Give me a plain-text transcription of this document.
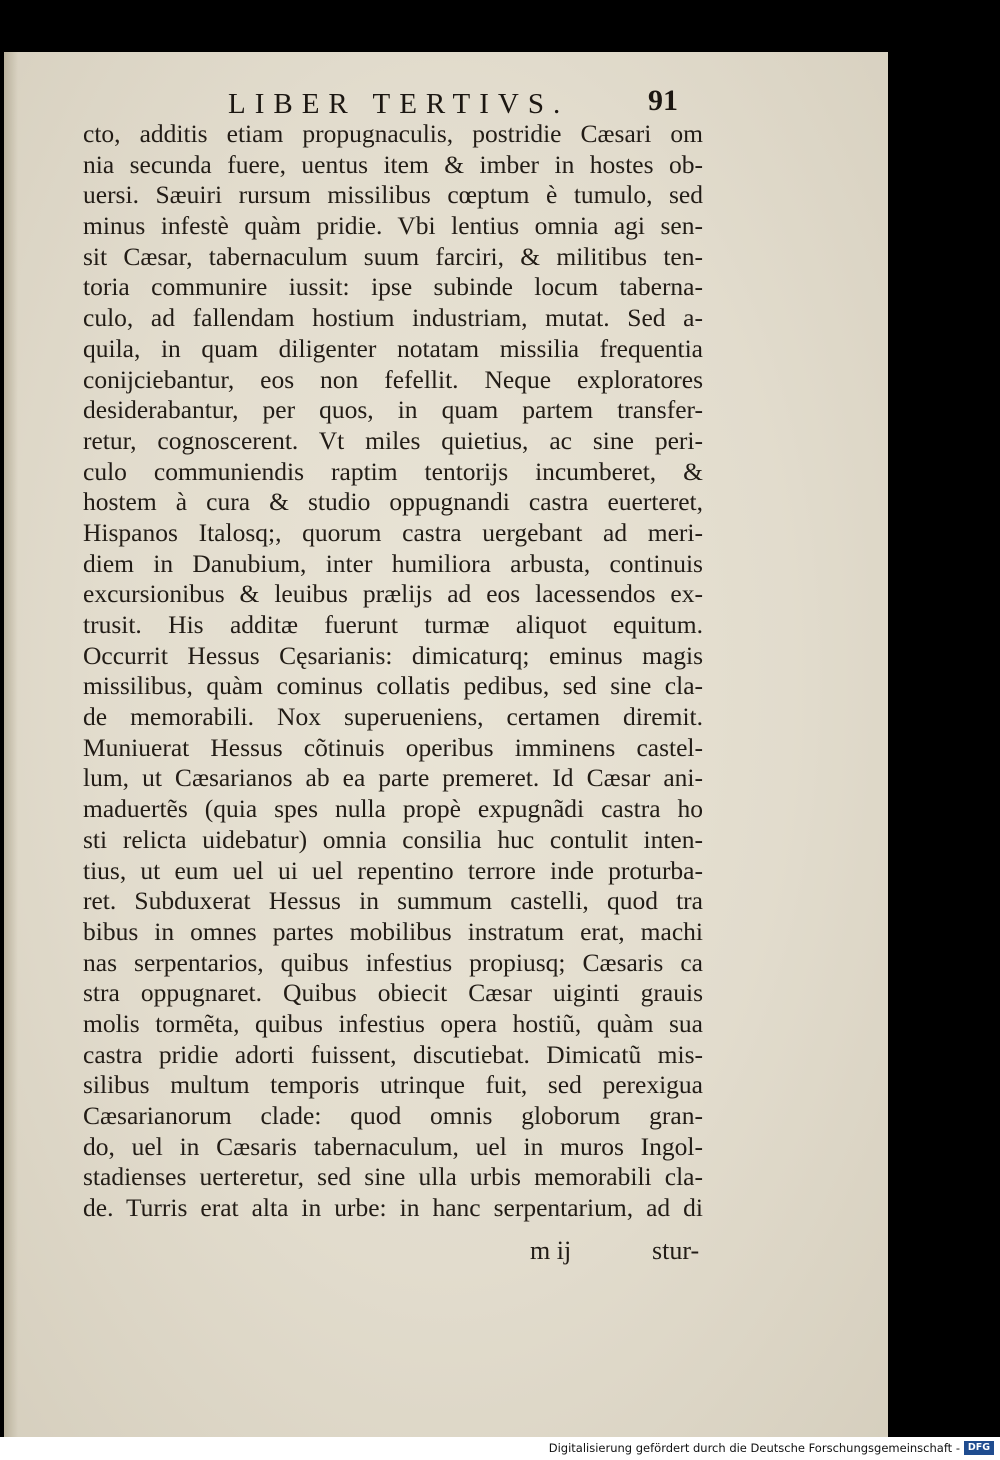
LIBER TERTIVS.	91
cto, additis etiam propugnaculis, postridie Cæsari om
nia secunda fuere, uentus item & imber in hostes ob-
uersi. Sæuiri rursum missilibus cœptum è tumulo, sed
minus infestè quàm pridie. Vbi lentius omnia agi sen-
sit Cæsar, tabernaculum suum farciri, & militibus ten-
toria communire iussit: ipse subinde locum taberna-
culo, ad fallendam hostium industriam, mutat. Sed a-
quila, in quam diligenter notatam missilia frequentia
conijciebantur, eos non fefellit. Neque exploratores
desiderabantur, per quos, in quam partem transfer-
retur, cognoscerent. Vt miles quietius, ac sine peri-
culo communiendis raptim tentorijs incumberet, &
hostem à cura & studio oppugnandi castra euerteret,
Hispanos Italosq;, quorum castra uergebant ad meri-
diem in Danubium, inter humiliora arbusta, continuis
excursionibus & leuibus prælijs ad eos lacessendos ex-
trusit. His additæ fuerunt turmæ aliquot equitum.
Occurrit Hessus Cęsarianis: dimicaturq; eminus magis
missilibus, quàm cominus collatis pedibus, sed sine cla-
de memorabili. Nox superueniens, certamen diremit.
Muniuerat Hessus cõtinuis operibus imminens castel-
lum, ut Cæsarianos ab ea parte premeret. Id Cæsar ani-
maduertẽs (quia spes nulla propè expugnãdi castra ho
sti relicta uidebatur) omnia consilia huc contulit inten-
tius, ut eum uel ui uel repentino terrore inde proturba-
ret. Subduxerat Hessus in summum castelli, quod tra
bibus in omnes partes mobilibus instratum erat, machi
nas serpentarios, quibus infestius propiusq; Cæsaris ca
stra oppugnaret. Quibus obiecit Cæsar uiginti grauis
molis tormẽta, quibus infestius opera hostiũ, quàm sua
castra pridie adorti fuissent, discutiebat. Dimicatũ mis-
silibus multum temporis utrinque fuit, sed perexigua
Cæsarianorum clade: quod omnis globorum gran-
do, uel in Cæsaris tabernaculum, uel in muros Ingol-
stadienses uerteretur, sed sine ulla urbis memorabili cla-
de. Turris erat alta in urbe: in hanc serpentarium, ad di
m ij	stur-
Digitalisierung gefördert durch die Deutsche Forschungsgemeinschaft - DFG
